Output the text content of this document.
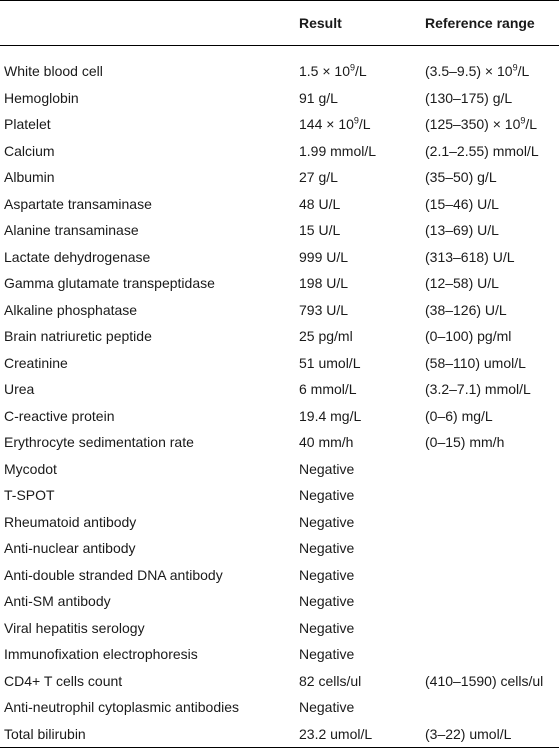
	Result	Reference range
White blood cell	$1.5 \times 10^9/L$	$(3.5-9.5) \times 10^9/L$
Hemoglobin	91 g/L	(130–175) g/L
Platelet	$144 \times 10^9/L$	$(125-350) \times 10^9/L$
Calcium	1.99 mmol/L	(2.1–2.55) mmol/L
Albumin	27 g/L	(35–50) g/L
Aspartate transaminase	48 U/L	(15–46) U/L
Alanine transaminase	15 U/L	(13–69) U/L
Lactate dehydrogenase	999 U/L	(313–618) U/L
Gamma glutamate transpeptidase	198 U/L	(12–58) U/L
Alkaline phosphatase	793 U/L	(38–126) U/L
Brain natriuretic peptide	25 pg/ml	(0–100) pg/ml
Creatinine	51 umol/L	(58–110) umol/L
Urea	6 mmol/L	(3.2–7.1) mmol/L
C-reactive protein	19.4 mg/L	(0–6) mg/L
Erythrocyte sedimentation rate	40 mm/h	(0–15) mm/h
Mycodot	Negative	
T-SPOT	Negative	
Rheumatoid antibody	Negative	
Anti-nuclear antibody	Negative	
Anti-double stranded DNA antibody	Negative	
Anti-SM antibody	Negative	
Viral hepatitis serology	Negative	
Immunofixation electrophoresis	Negative	
CD4+ T cells count	82 cells/ul	(410–1590) cells/ul
Anti-neutrophil cytoplasmic antibodies	Negative	
Total bilirubin	23.2 umol/L	(3–22) umol/L
